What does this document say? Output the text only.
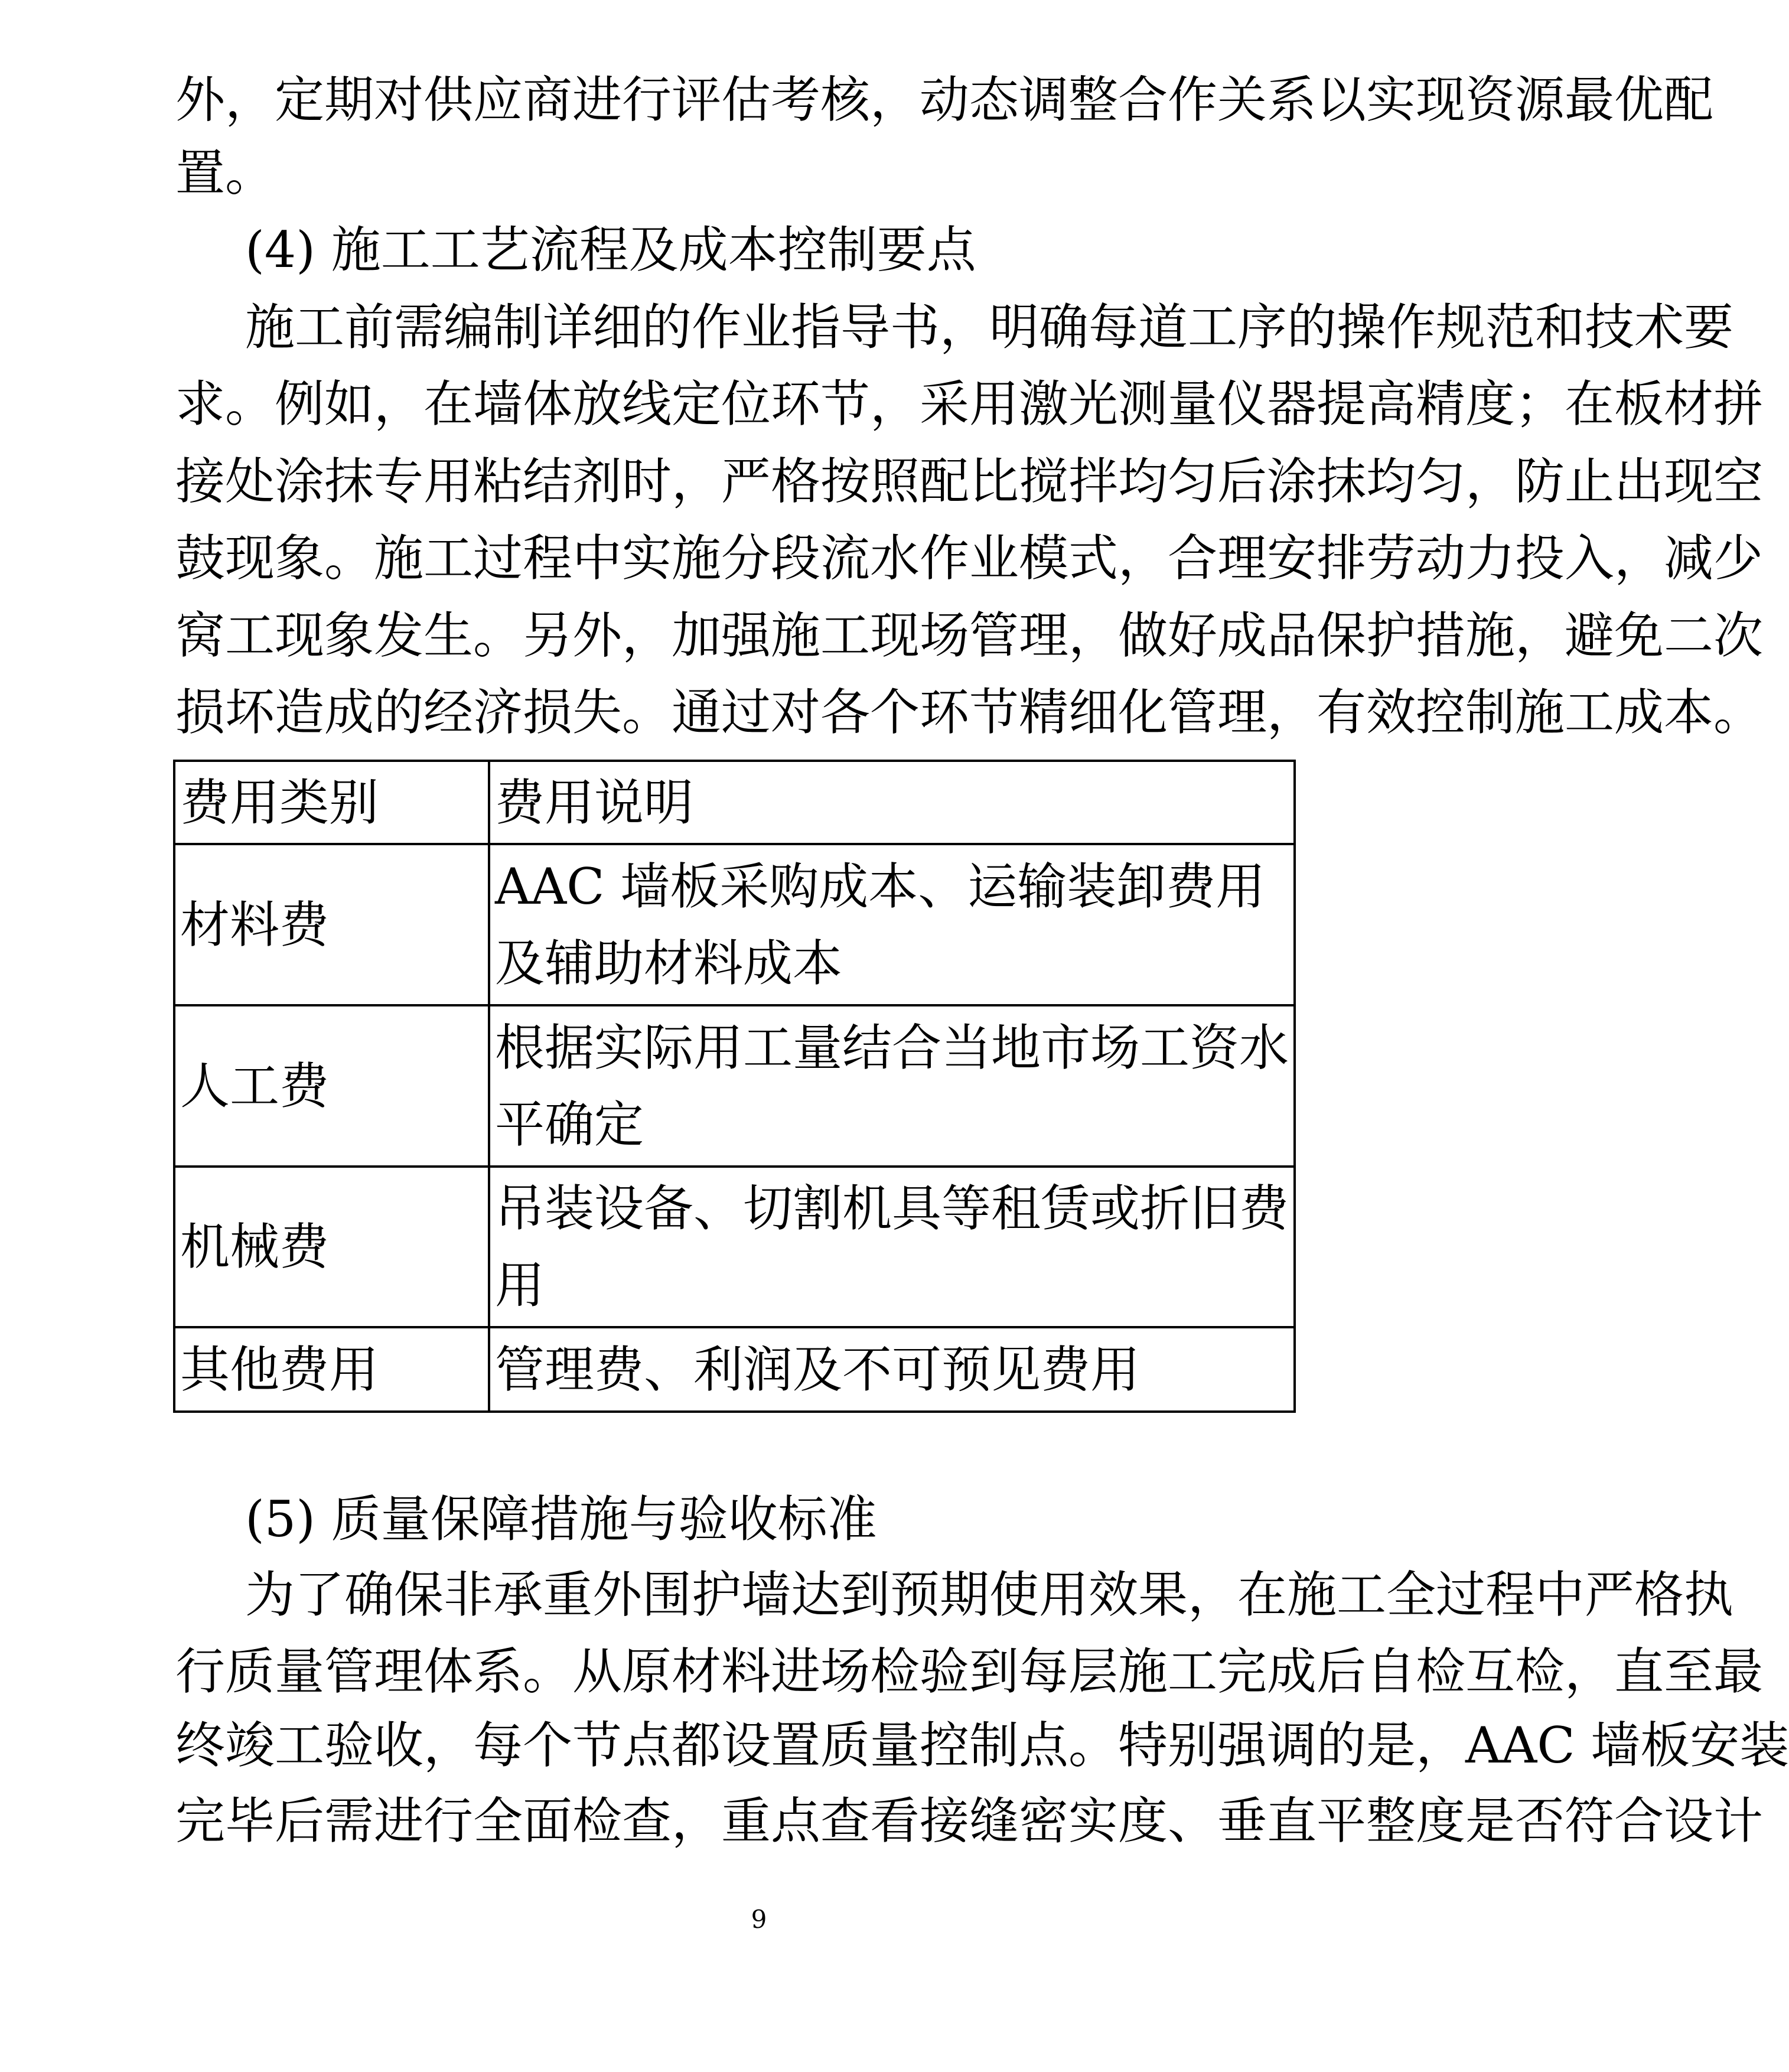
外，定期对供应商进行评估考核，动态调整合作关系以实现资源最优配
置。
(4) 施工工艺流程及成本控制要点
施工前需编制详细的作业指导书，明确每道工序的操作规范和技术要
求。例如，在墙体放线定位环节，采用激光测量仪器提高精度；在板材拼
接处涂抹专用粘结剂时，严格按照配比搅拌均匀后涂抹均匀，防止出现空
鼓现象。施工过程中实施分段流水作业模式，合理安排劳动力投入，减少
窝工现象发生。另外，加强施工现场管理，做好成品保护措施，避免二次
损坏造成的经济损失。通过对各个环节精细化管理，有效控制施工成本。
费用类别	费用说明
材料费	AAC 墙板采购成本、运输装卸费用
及辅助材料成本

人工费	根据实际用工量结合当地市场工资水
平确定

机械费	吊装设备、切割机具等租赁或折旧费
用

其他费用	管理费、利润及不可预见费用
(5) 质量保障措施与验收标准
为了确保非承重外围护墙达到预期使用效果，在施工全过程中严格执
行质量管理体系。从原材料进场检验到每层施工完成后自检互检，直至最
终竣工验收，每个节点都设置质量控制点。特别强调的是，AAC 墙板安装
完毕后需进行全面检查，重点查看接缝密实度、垂直平整度是否符合设计
9
